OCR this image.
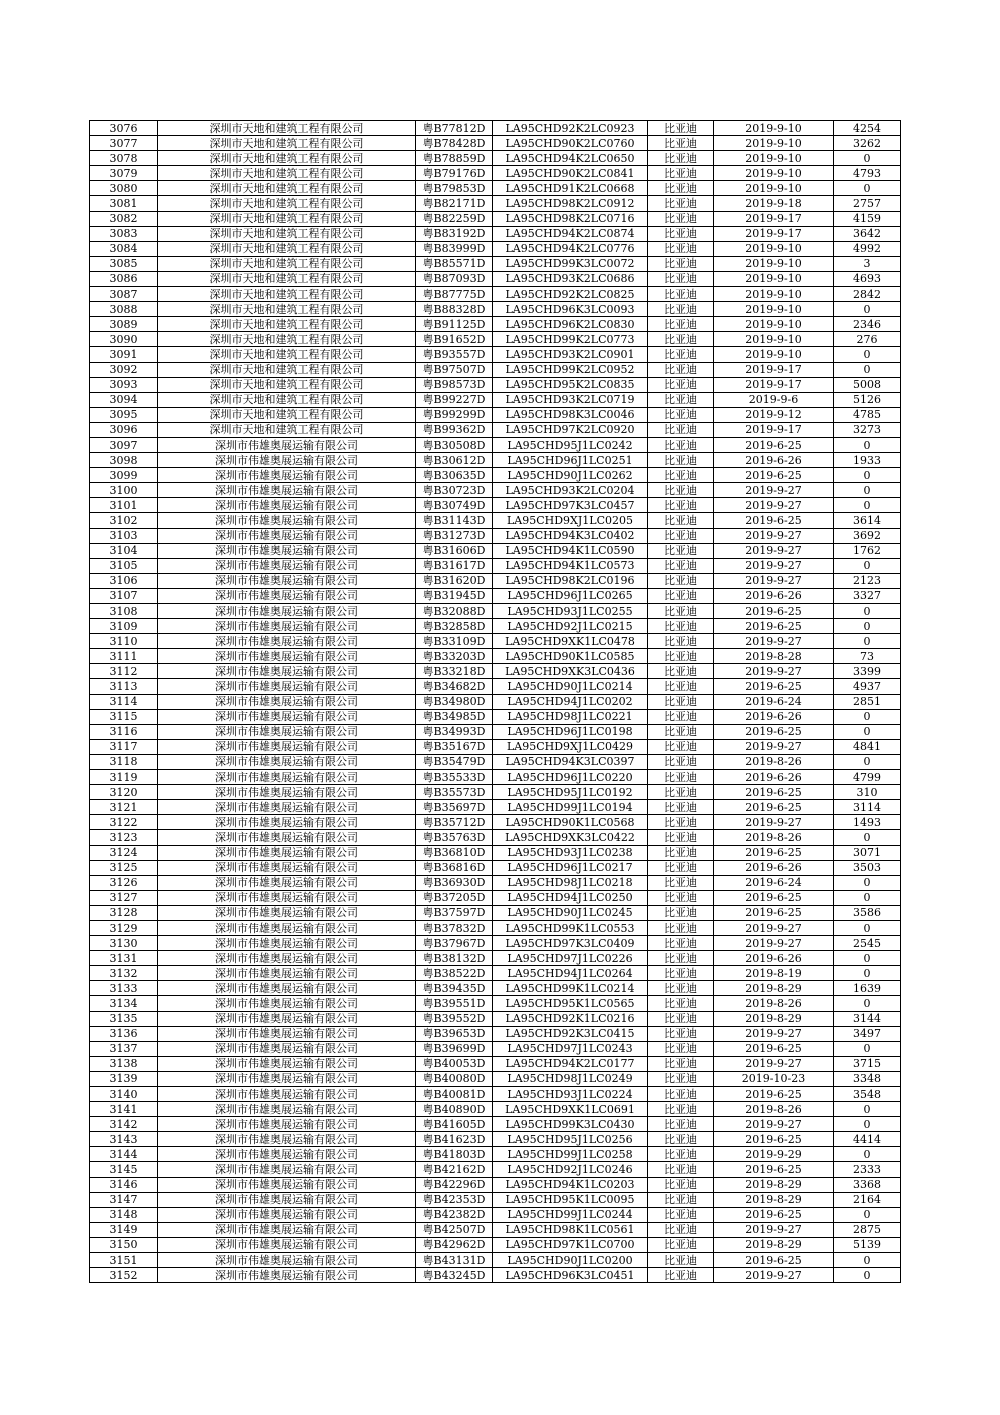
3076	深圳市天地和建筑工程有限公司	粤B77812D	LA95CHD92K2LC0923	比亚迪	2019-9-10	4254
3077	深圳市天地和建筑工程有限公司	粤B78428D	LA95CHD90K2LC0760	比亚迪	2019-9-10	3262
3078	深圳市天地和建筑工程有限公司	粤B78859D	LA95CHD94K2LC0650	比亚迪	2019-9-10	0
3079	深圳市天地和建筑工程有限公司	粤B79176D	LA95CHD90K2LC0841	比亚迪	2019-9-10	4793
3080	深圳市天地和建筑工程有限公司	粤B79853D	LA95CHD91K2LC0668	比亚迪	2019-9-10	0
3081	深圳市天地和建筑工程有限公司	粤B82171D	LA95CHD98K2LC0912	比亚迪	2019-9-18	2757
3082	深圳市天地和建筑工程有限公司	粤B82259D	LA95CHD98K2LC0716	比亚迪	2019-9-17	4159
3083	深圳市天地和建筑工程有限公司	粤B83192D	LA95CHD94K2LC0874	比亚迪	2019-9-17	3642
3084	深圳市天地和建筑工程有限公司	粤B83999D	LA95CHD94K2LC0776	比亚迪	2019-9-10	4992
3085	深圳市天地和建筑工程有限公司	粤B85571D	LA95CHD99K3LC0072	比亚迪	2019-9-10	3
3086	深圳市天地和建筑工程有限公司	粤B87093D	LA95CHD93K2LC0686	比亚迪	2019-9-10	4693
3087	深圳市天地和建筑工程有限公司	粤B87775D	LA95CHD92K2LC0825	比亚迪	2019-9-10	2842
3088	深圳市天地和建筑工程有限公司	粤B88328D	LA95CHD96K3LC0093	比亚迪	2019-9-10	0
3089	深圳市天地和建筑工程有限公司	粤B91125D	LA95CHD96K2LC0830	比亚迪	2019-9-10	2346
3090	深圳市天地和建筑工程有限公司	粤B91652D	LA95CHD99K2LC0773	比亚迪	2019-9-10	276
3091	深圳市天地和建筑工程有限公司	粤B93557D	LA95CHD93K2LC0901	比亚迪	2019-9-10	0
3092	深圳市天地和建筑工程有限公司	粤B97507D	LA95CHD99K2LC0952	比亚迪	2019-9-17	0
3093	深圳市天地和建筑工程有限公司	粤B98573D	LA95CHD95K2LC0835	比亚迪	2019-9-17	5008
3094	深圳市天地和建筑工程有限公司	粤B99227D	LA95CHD93K2LC0719	比亚迪	2019-9-6	5126
3095	深圳市天地和建筑工程有限公司	粤B99299D	LA95CHD98K3LC0046	比亚迪	2019-9-12	4785
3096	深圳市天地和建筑工程有限公司	粤B99362D	LA95CHD97K2LC0920	比亚迪	2019-9-17	3273
3097	深圳市伟雄奥展运输有限公司	粤B30508D	LA95CHD95J1LC0242	比亚迪	2019-6-25	0
3098	深圳市伟雄奥展运输有限公司	粤B30612D	LA95CHD96J1LC0251	比亚迪	2019-6-26	1933
3099	深圳市伟雄奥展运输有限公司	粤B30635D	LA95CHD90J1LC0262	比亚迪	2019-6-25	0
3100	深圳市伟雄奥展运输有限公司	粤B30723D	LA95CHD93K2LC0204	比亚迪	2019-9-27	0
3101	深圳市伟雄奥展运输有限公司	粤B30749D	LA95CHD97K3LC0457	比亚迪	2019-9-27	0
3102	深圳市伟雄奥展运输有限公司	粤B31143D	LA95CHD9XJ1LC0205	比亚迪	2019-6-25	3614
3103	深圳市伟雄奥展运输有限公司	粤B31273D	LA95CHD94K3LC0402	比亚迪	2019-9-27	3692
3104	深圳市伟雄奥展运输有限公司	粤B31606D	LA95CHD94K1LC0590	比亚迪	2019-9-27	1762
3105	深圳市伟雄奥展运输有限公司	粤B31617D	LA95CHD94K1LC0573	比亚迪	2019-9-27	0
3106	深圳市伟雄奥展运输有限公司	粤B31620D	LA95CHD98K2LC0196	比亚迪	2019-9-27	2123
3107	深圳市伟雄奥展运输有限公司	粤B31945D	LA95CHD96J1LC0265	比亚迪	2019-6-26	3327
3108	深圳市伟雄奥展运输有限公司	粤B32088D	LA95CHD93J1LC0255	比亚迪	2019-6-25	0
3109	深圳市伟雄奥展运输有限公司	粤B32858D	LA95CHD92J1LC0215	比亚迪	2019-6-25	0
3110	深圳市伟雄奥展运输有限公司	粤B33109D	LA95CHD9XK1LC0478	比亚迪	2019-9-27	0
3111	深圳市伟雄奥展运输有限公司	粤B33203D	LA95CHD90K1LC0585	比亚迪	2019-8-28	73
3112	深圳市伟雄奥展运输有限公司	粤B33218D	LA95CHD9XK3LC0436	比亚迪	2019-9-27	3399
3113	深圳市伟雄奥展运输有限公司	粤B34682D	LA95CHD90J1LC0214	比亚迪	2019-6-25	4937
3114	深圳市伟雄奥展运输有限公司	粤B34980D	LA95CHD94J1LC0202	比亚迪	2019-6-24	2851
3115	深圳市伟雄奥展运输有限公司	粤B34985D	LA95CHD98J1LC0221	比亚迪	2019-6-26	0
3116	深圳市伟雄奥展运输有限公司	粤B34993D	LA95CHD96J1LC0198	比亚迪	2019-6-25	0
3117	深圳市伟雄奥展运输有限公司	粤B35167D	LA95CHD9XJ1LC0429	比亚迪	2019-9-27	4841
3118	深圳市伟雄奥展运输有限公司	粤B35479D	LA95CHD94K3LC0397	比亚迪	2019-8-26	0
3119	深圳市伟雄奥展运输有限公司	粤B35533D	LA95CHD96J1LC0220	比亚迪	2019-6-26	4799
3120	深圳市伟雄奥展运输有限公司	粤B35573D	LA95CHD95J1LC0192	比亚迪	2019-6-25	310
3121	深圳市伟雄奥展运输有限公司	粤B35697D	LA95CHD99J1LC0194	比亚迪	2019-6-25	3114
3122	深圳市伟雄奥展运输有限公司	粤B35712D	LA95CHD90K1LC0568	比亚迪	2019-9-27	1493
3123	深圳市伟雄奥展运输有限公司	粤B35763D	LA95CHD9XK3LC0422	比亚迪	2019-8-26	0
3124	深圳市伟雄奥展运输有限公司	粤B36810D	LA95CHD93J1LC0238	比亚迪	2019-6-25	3071
3125	深圳市伟雄奥展运输有限公司	粤B36816D	LA95CHD96J1LC0217	比亚迪	2019-6-26	3503
3126	深圳市伟雄奥展运输有限公司	粤B36930D	LA95CHD98J1LC0218	比亚迪	2019-6-24	0
3127	深圳市伟雄奥展运输有限公司	粤B37205D	LA95CHD94J1LC0250	比亚迪	2019-6-25	0
3128	深圳市伟雄奥展运输有限公司	粤B37597D	LA95CHD90J1LC0245	比亚迪	2019-6-25	3586
3129	深圳市伟雄奥展运输有限公司	粤B37832D	LA95CHD99K1LC0553	比亚迪	2019-9-27	0
3130	深圳市伟雄奥展运输有限公司	粤B37967D	LA95CHD97K3LC0409	比亚迪	2019-9-27	2545
3131	深圳市伟雄奥展运输有限公司	粤B38132D	LA95CHD97J1LC0226	比亚迪	2019-6-26	0
3132	深圳市伟雄奥展运输有限公司	粤B38522D	LA95CHD94J1LC0264	比亚迪	2019-8-19	0
3133	深圳市伟雄奥展运输有限公司	粤B39435D	LA95CHD99K1LC0214	比亚迪	2019-8-29	1639
3134	深圳市伟雄奥展运输有限公司	粤B39551D	LA95CHD95K1LC0565	比亚迪	2019-8-26	0
3135	深圳市伟雄奥展运输有限公司	粤B39552D	LA95CHD92K1LC0216	比亚迪	2019-8-29	3144
3136	深圳市伟雄奥展运输有限公司	粤B39653D	LA95CHD92K3LC0415	比亚迪	2019-9-27	3497
3137	深圳市伟雄奥展运输有限公司	粤B39699D	LA95CHD97J1LC0243	比亚迪	2019-6-25	0
3138	深圳市伟雄奥展运输有限公司	粤B40053D	LA95CHD94K2LC0177	比亚迪	2019-9-27	3715
3139	深圳市伟雄奥展运输有限公司	粤B40080D	LA95CHD98J1LC0249	比亚迪	2019-10-23	3348
3140	深圳市伟雄奥展运输有限公司	粤B40081D	LA95CHD93J1LC0224	比亚迪	2019-6-25	3548
3141	深圳市伟雄奥展运输有限公司	粤B40890D	LA95CHD9XK1LC0691	比亚迪	2019-8-26	0
3142	深圳市伟雄奥展运输有限公司	粤B41605D	LA95CHD99K3LC0430	比亚迪	2019-9-27	0
3143	深圳市伟雄奥展运输有限公司	粤B41623D	LA95CHD95J1LC0256	比亚迪	2019-6-25	4414
3144	深圳市伟雄奥展运输有限公司	粤B41803D	LA95CHD99J1LC0258	比亚迪	2019-9-29	0
3145	深圳市伟雄奥展运输有限公司	粤B42162D	LA95CHD92J1LC0246	比亚迪	2019-6-25	2333
3146	深圳市伟雄奥展运输有限公司	粤B42296D	LA95CHD94K1LC0203	比亚迪	2019-8-29	3368
3147	深圳市伟雄奥展运输有限公司	粤B42353D	LA95CHD95K1LC0095	比亚迪	2019-8-29	2164
3148	深圳市伟雄奥展运输有限公司	粤B42382D	LA95CHD99J1LC0244	比亚迪	2019-6-25	0
3149	深圳市伟雄奥展运输有限公司	粤B42507D	LA95CHD98K1LC0561	比亚迪	2019-9-27	2875
3150	深圳市伟雄奥展运输有限公司	粤B42962D	LA95CHD97K1LC0700	比亚迪	2019-8-29	5139
3151	深圳市伟雄奥展运输有限公司	粤B43131D	LA95CHD90J1LC0200	比亚迪	2019-6-25	0
3152	深圳市伟雄奥展运输有限公司	粤B43245D	LA95CHD96K3LC0451	比亚迪	2019-9-27	0
